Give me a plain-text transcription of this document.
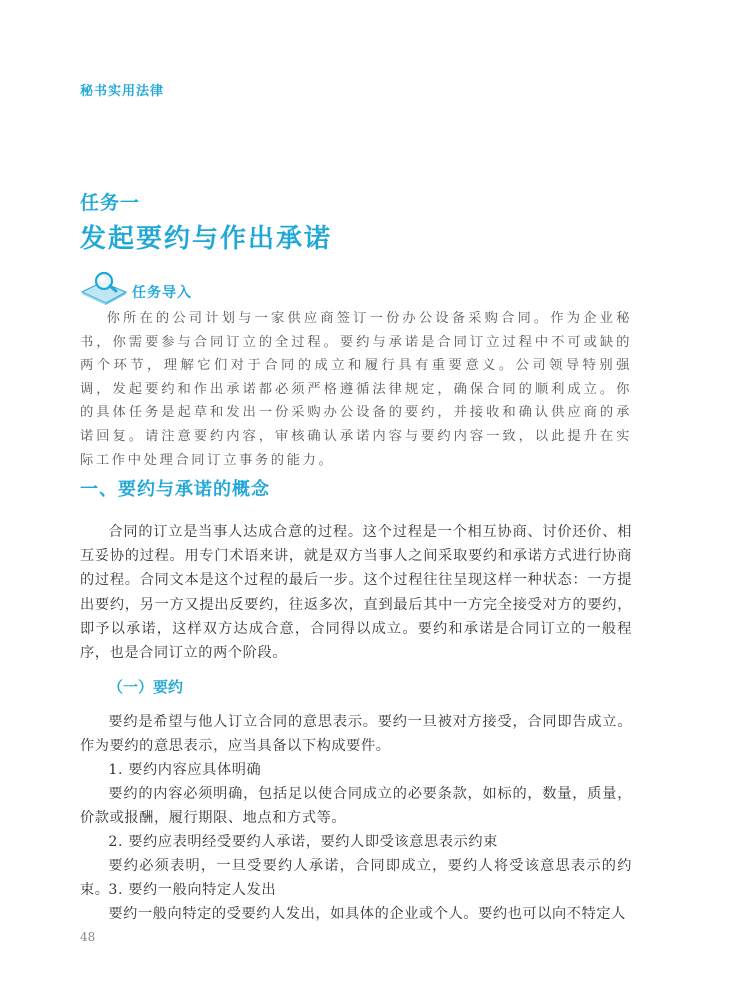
秘书实用法律
任务一
发起要约与作出承诺
任务导入
你所在的公司计划与一家供应商签订一份办公设备采购合同。作为企业秘书，你需要参与合同订立的全过程。要约与承诺是合同订立过程中不可或缺的两个环节，理解它们对于合同的成立和履行具有重要意义。公司领导特别强调，发起要约和作出承诺都必须严格遵循法律规定，确保合同的顺利成立。你的具体任务是起草和发出一份采购办公设备的要约，并接收和确认供应商的承诺回复。请注意要约内容，审核确认承诺内容与要约内容一致，以此提升在实际工作中处理合同订立事务的能力。
一、要约与承诺的概念
合同的订立是当事人达成合意的过程。这个过程是一个相互协商、讨价还价、相互妥协的过程。用专门术语来讲，就是双方当事人之间采取要约和承诺方式进行协商的过程。合同文本是这个过程的最后一步。这个过程往往呈现这样一种状态：一方提出要约，另一方又提出反要约，往返多次，直到最后其中一方完全接受对方的要约，即予以承诺，这样双方达成合意，合同得以成立。要约和承诺是合同订立的一般程序，也是合同订立的两个阶段。
（一）要约
要约是希望与他人订立合同的意思表示。要约一旦被对方接受，合同即告成立。作为要约的意思表示，应当具备以下构成要件。
1. 要约内容应具体明确
要约的内容必须明确，包括足以使合同成立的必要条款，如标的，数量，质量，价款或报酬，履行期限、地点和方式等。
2. 要约应表明经受要约人承诺，要约人即受该意思表示约束
要约必须表明，一旦受要约人承诺，合同即成立，要约人将受该意思表示的约束。
3. 要约一般向特定人发出
要约一般向特定的受要约人发出，如具体的企业或个人。要约也可以向不特定人
48
